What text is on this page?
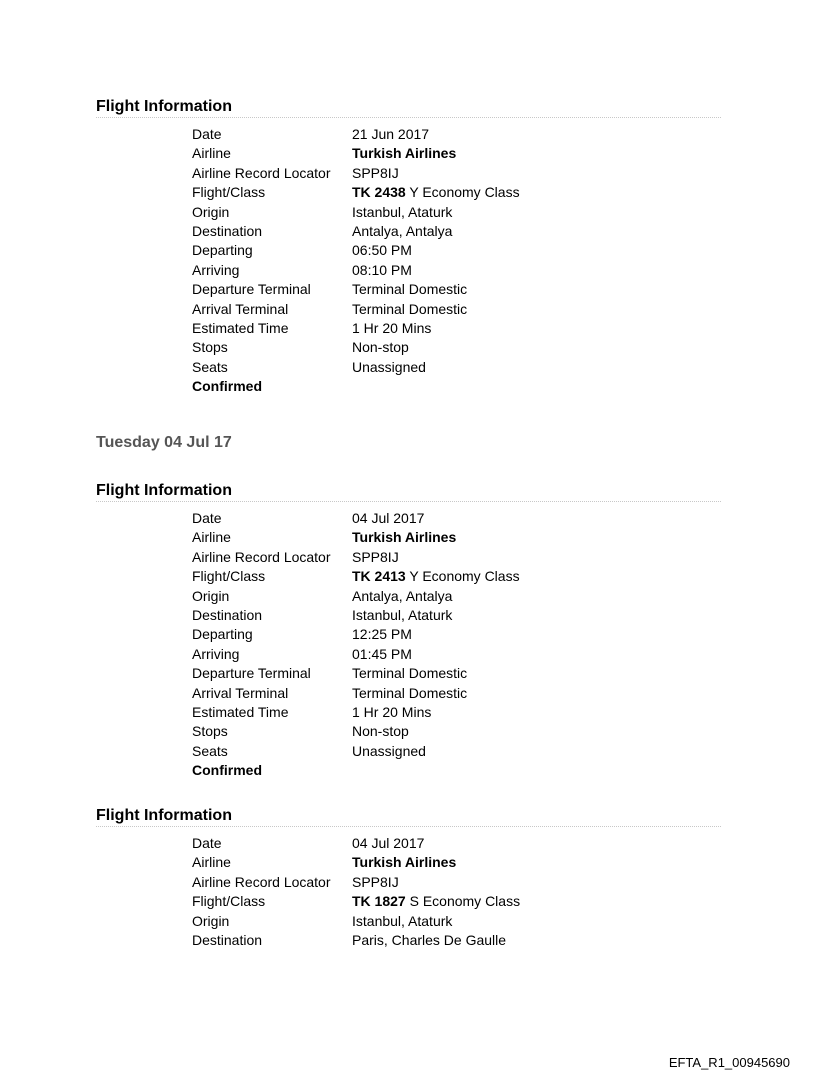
Flight Information
Date	21 Jun 2017
Airline	Turkish Airlines
Airline Record Locator	SPP8IJ
Flight/Class	TK 2438 Y Economy Class
Origin	Istanbul, Ataturk
Destination	Antalya, Antalya
Departing	06:50 PM
Arriving	08:10 PM
Departure Terminal	Terminal Domestic
Arrival Terminal	Terminal Domestic
Estimated Time	1 Hr 20 Mins
Stops	Non-stop
Seats	Unassigned
Confirmed
Tuesday 04 Jul 17
Flight Information
Date	04 Jul 2017
Airline	Turkish Airlines
Airline Record Locator	SPP8IJ
Flight/Class	TK 2413 Y Economy Class
Origin	Antalya, Antalya
Destination	Istanbul, Ataturk
Departing	12:25 PM
Arriving	01:45 PM
Departure Terminal	Terminal Domestic
Arrival Terminal	Terminal Domestic
Estimated Time	1 Hr 20 Mins
Stops	Non-stop
Seats	Unassigned
Confirmed
Flight Information
Date	04 Jul 2017
Airline	Turkish Airlines
Airline Record Locator	SPP8IJ
Flight/Class	TK 1827 S Economy Class
Origin	Istanbul, Ataturk
Destination	Paris, Charles De Gaulle
EFTA_R1_00945690
